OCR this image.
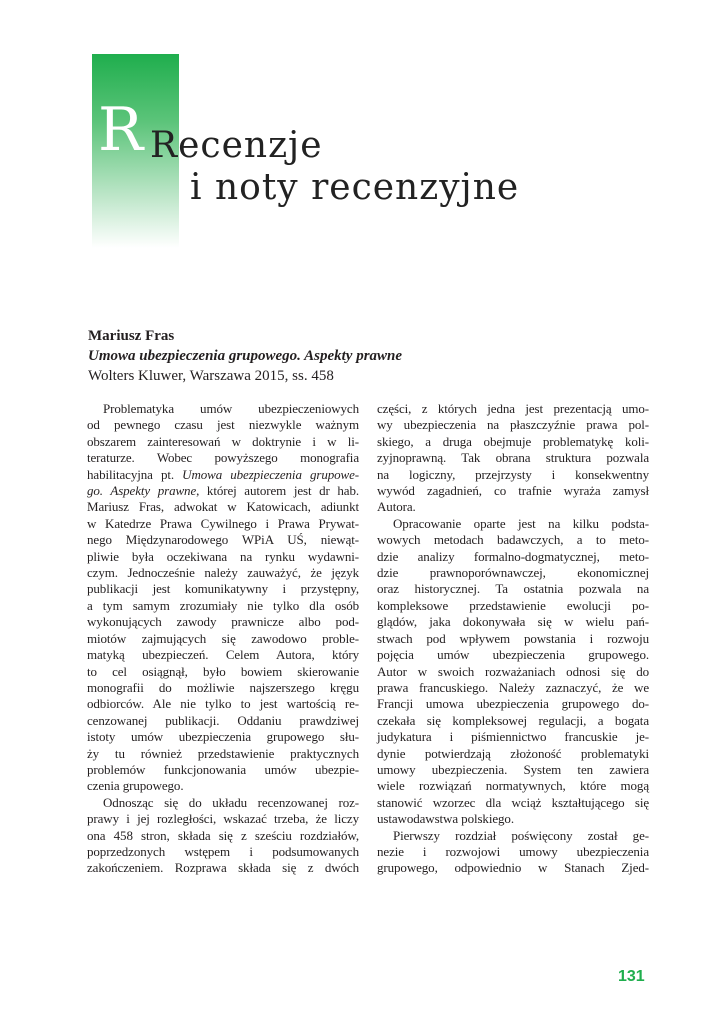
R Recenzje
i noty recenzyjne
Mariusz Fras
Umowa ubezpieczenia grupowego. Aspekty prawne
Wolters Kluwer, Warszawa 2015, ss. 458
Problematyka umów ubezpieczeniowych
od pewnego czasu jest niezwykle ważnym
obszarem zainteresowań w doktrynie i w li-
teraturze. Wobec powyższego monografia
habilitacyjna pt. Umowa ubezpieczenia grupowe-
go. Aspekty prawne, której autorem jest dr hab.
Mariusz Fras, adwokat w Katowicach, adiunkt
w Katedrze Prawa Cywilnego i Prawa Prywat-
nego Międzynarodowego WPiA UŚ, niewąt-
pliwie była oczekiwana na rynku wydawni-
czym. Jednocześnie należy zauważyć, że język
publikacji jest komunikatywny i przystępny,
a tym samym zrozumiały nie tylko dla osób
wykonujących zawody prawnicze albo pod-
miotów zajmujących się zawodowo proble-
matyką ubezpieczeń. Celem Autora, który
to cel osiągnął, było bowiem skierowanie
monografii do możliwie najszerszego kręgu
odbiorców. Ale nie tylko to jest wartością re-
cenzowanej publikacji. Oddaniu prawdziwej
istoty umów ubezpieczenia grupowego słu-
ży tu również przedstawienie praktycznych
problemów funkcjonowania umów ubezpie-
czenia grupowego.
Odnosząc się do układu recenzowanej roz-
prawy i jej rozległości, wskazać trzeba, że liczy
ona 458 stron, składa się z sześciu rozdziałów,
poprzedzonych wstępem i podsumowanych
zakończeniem. Rozprawa składa się z dwóch
części, z których jedna jest prezentacją umo-
wy ubezpieczenia na płaszczyźnie prawa pol-
skiego, a druga obejmuje problematykę koli-
zyjnoprawną. Tak obrana struktura pozwala
na logiczny, przejrzysty i konsekwentny
wywód zagadnień, co trafnie wyraża zamysł
Autora.
Opracowanie oparte jest na kilku podsta-
wowych metodach badawczych, a to meto-
dzie analizy formalno-dogmatycznej, meto-
dzie prawnoporównawczej, ekonomicznej
oraz historycznej. Ta ostatnia pozwala na
kompleksowe przedstawienie ewolucji po-
glądów, jaka dokonywała się w wielu pań-
stwach pod wpływem powstania i rozwoju
pojęcia umów ubezpieczenia grupowego.
Autor w swoich rozważaniach odnosi się do
prawa francuskiego. Należy zaznaczyć, że we
Francji umowa ubezpieczenia grupowego do-
czekała się kompleksowej regulacji, a bogata
judykatura i piśmiennictwo francuskie je-
dynie potwierdzają złożoność problematyki
umowy ubezpieczenia. System ten zawiera
wiele rozwiązań normatywnych, które mogą
stanowić wzorzec dla wciąż kształtującego się
ustawodawstwa polskiego.
Pierwszy rozdział poświęcony został ge-
nezie i rozwojowi umowy ubezpieczenia
grupowego, odpowiednio w Stanach Zjed-
131
